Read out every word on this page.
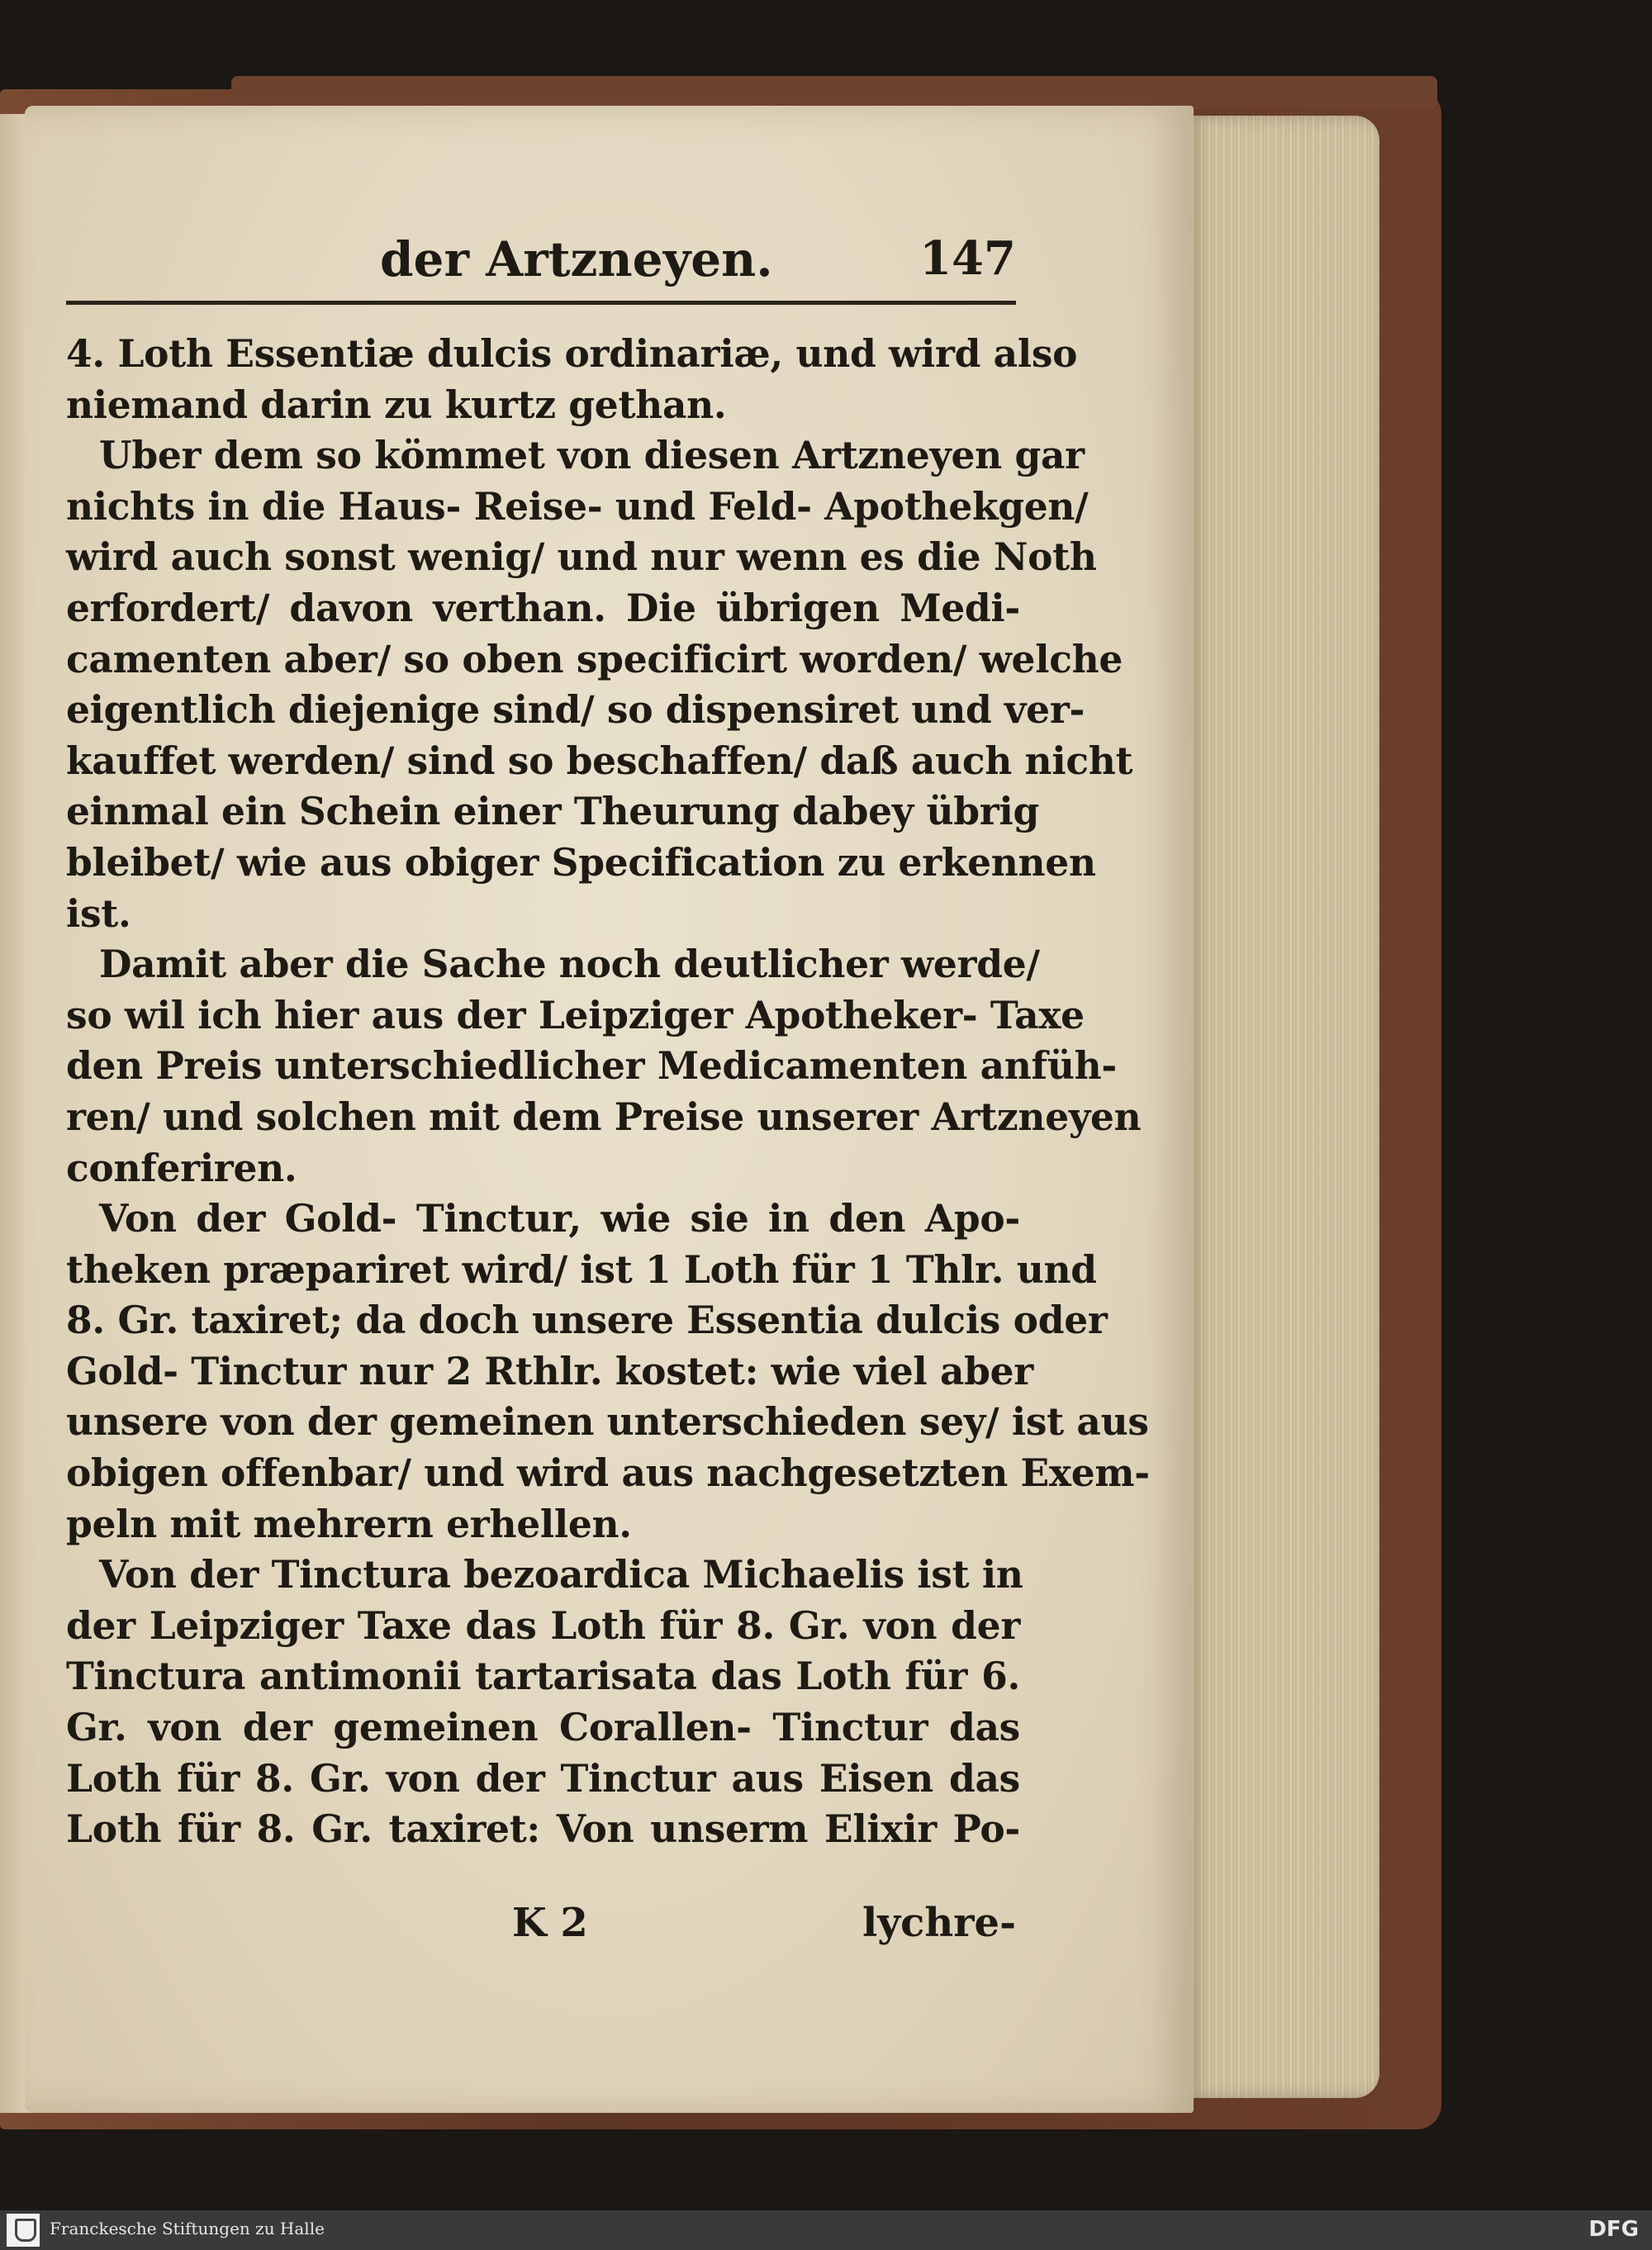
der Artzneyen.	147
4. Loth Essentiæ dulcis ordinariæ, und wird also
niemand darin zu kurtz gethan.
Uber dem so kömmet von diesen Artzneyen gar
nichts in die Haus- Reise- und Feld- Apothekgen/
wird auch sonst wenig/ und nur wenn es die Noth
erfordert/ davon verthan. Die übrigen Medi-
camenten aber/ so oben specificirt worden/ welche
eigentlich diejenige sind/ so dispensiret und ver-
kauffet werden/ sind so beschaffen/ daß auch nicht
einmal ein Schein einer Theurung dabey übrig
bleibet/ wie aus obiger Specification zu erkennen
ist.
Damit aber die Sache noch deutlicher werde/
so wil ich hier aus der Leipziger Apotheker- Taxe
den Preis unterschiedlicher Medicamenten anfüh-
ren/ und solchen mit dem Preise unserer Artzneyen
conferiren.
Von der Gold- Tinctur, wie sie in den Apo-
theken præpariret wird/ ist 1 Loth für 1 Thlr. und
8. Gr. taxiret; da doch unsere Essentia dulcis oder
Gold- Tinctur nur 2 Rthlr. kostet: wie viel aber
unsere von der gemeinen unterschieden sey/ ist aus
obigen offenbar/ und wird aus nachgesetzten Exem-
peln mit mehrern erhellen.
Von der Tinctura bezoardica Michaelis ist in
der Leipziger Taxe das Loth für 8. Gr. von der
Tinctura antimonii tartarisata das Loth für 6.
Gr. von der gemeinen Corallen- Tinctur das
Loth für 8. Gr. von der Tinctur aus Eisen das
Loth für 8. Gr. taxiret: Von unserm Elixir Po-
K 2	lychre-
Franckesche Stiftungen zu Halle	DFG
